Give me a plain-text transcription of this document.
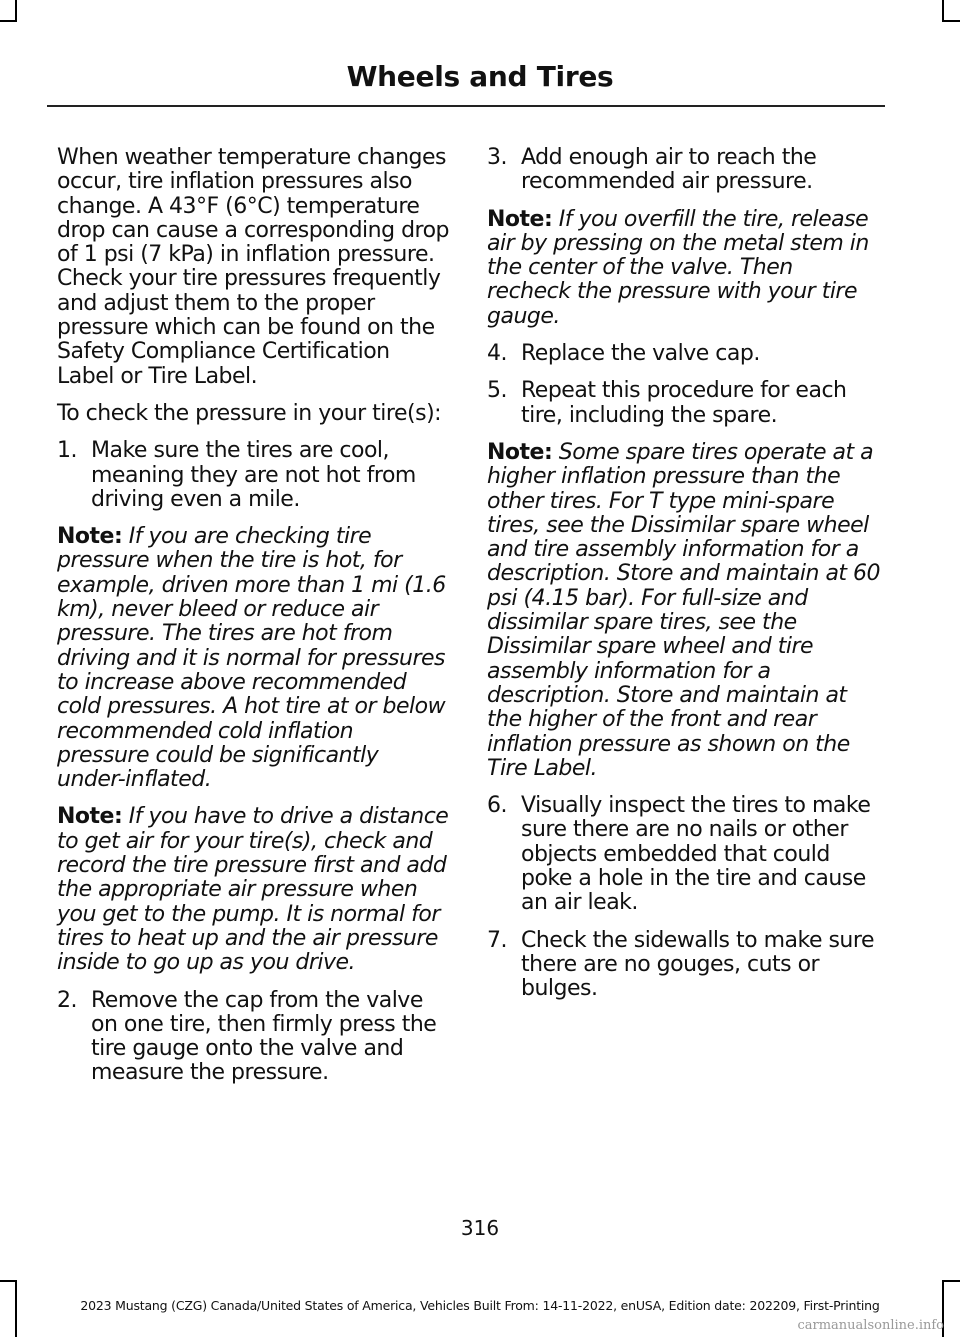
Wheels and Tires

When weather temperature changes occur, tire inflation pressures also change. A 43°F (6°C) temperature drop can cause a corresponding drop of 1 psi (7 kPa) in inflation pressure. Check your tire pressures frequently and adjust them to the proper pressure which can be found on the Safety Compliance Certification Label or Tire Label.

To check the pressure in your tire(s):

1. Make sure the tires are cool, meaning they are not hot from driving even a mile.

Note: If you are checking tire pressure when the tire is hot, for example, driven more than 1 mi (1.6 km), never bleed or reduce air pressure. The tires are hot from driving and it is normal for pressures to increase above recommended cold pressures. A hot tire at or below recommended cold inflation pressure could be significantly under-inflated.

Note: If you have to drive a distance to get air for your tire(s), check and record the tire pressure first and add the appropriate air pressure when you get to the pump. It is normal for tires to heat up and the air pressure inside to go up as you drive.

2. Remove the cap from the valve on one tire, then firmly press the tire gauge onto the valve and measure the pressure.
3. Add enough air to reach the recommended air pressure.

Note: If you overfill the tire, release air by pressing on the metal stem in the center of the valve. Then recheck the pressure with your tire gauge.

4. Replace the valve cap.
5. Repeat this procedure for each tire, including the spare.

Note: Some spare tires operate at a higher inflation pressure than the other tires. For T type mini-spare tires, see the Dissimilar spare wheel and tire assembly information for a description. Store and maintain at 60 psi (4.15 bar). For full-size and dissimilar spare tires, see the Dissimilar spare wheel and tire assembly information for a description. Store and maintain at the higher of the front and rear inflation pressure as shown on the Tire Label.

6. Visually inspect the tires to make sure there are no nails or other objects embedded that could poke a hole in the tire and cause an air leak.
7. Check the sidewalls to make sure there are no gouges, cuts or bulges.
316
2023 Mustang (CZG) Canada/United States of America, Vehicles Built From: 14-11-2022, enUSA, Edition date: 202209, First-Printing
carmanualsonline.info
